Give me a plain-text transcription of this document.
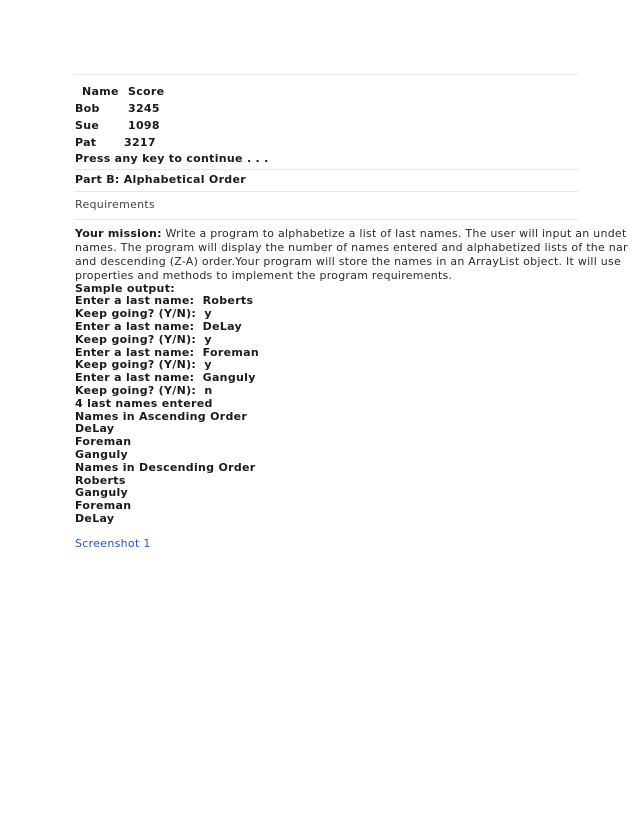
Name Score
Bob	3245
Sue	1098
Pat	3217
Press any key to continue . . .
Part B: Alphabetical Order
Requirements
Your mission: Write a program to alphabetize a list of last names. The user will input an undet
names. The program will display the number of names entered and alphabetized lists of the nar
and descending (Z-A) order.Your program will store the names in an ArrayList object. It will use
properties and methods to implement the program requirements.
Sample output:
Enter a last name:  Roberts
Keep going? (Y/N):  y
Enter a last name:  DeLay
Keep going? (Y/N):  y
Enter a last name:  Foreman
Keep going? (Y/N):  y
Enter a last name:  Ganguly
Keep going? (Y/N):  n
4 last names entered
Names in Ascending Order
DeLay
Foreman
Ganguly
Names in Descending Order
Roberts
Ganguly
Foreman
DeLay
Screenshot 1
